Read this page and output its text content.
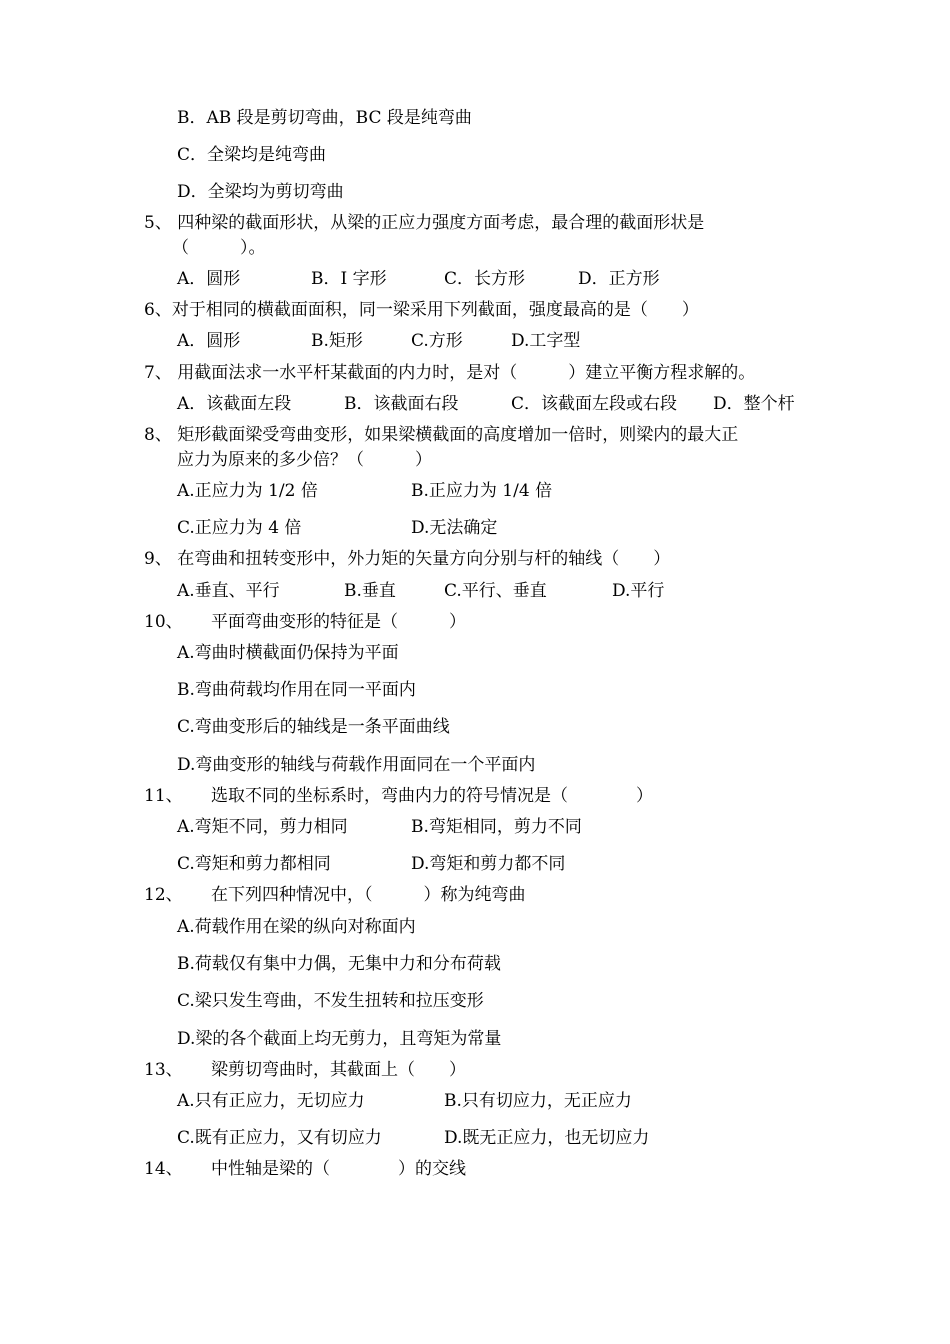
B．AB 段是剪切弯曲，BC 段是纯弯曲
C．全梁均是纯弯曲
D．全梁均为剪切弯曲
5、 四种梁的截面形状，从梁的正应力强度方面考虑，最合理的截面形状是
（　　　）。
A．圆形	B．I 字形	C．长方形	D．正方形
6、对于相同的横截面面积，同一梁采用下列截面，强度最高的是（　　）
A．圆形	B.矩形	C.方形	D.工字型
7、 用截面法求一水平杆某截面的内力时，是对（　　　）建立平衡方程求解的。
A．该截面左段	B．该截面右段	C．该截面左段或右段 D．整个杆
8、 矩形截面梁受弯曲变形，如果梁横截面的高度增加一倍时，则梁内的最大正
应力为原来的多少倍？（　　　）
A.正应力为 1/2 倍	B.正应力为 1/4 倍
C.正应力为 4 倍	D.无法确定
9、 在弯曲和扭转变形中，外力矩的矢量方向分别与杆的轴线（　　）
A.垂直、平行	B.垂直	C.平行、垂直	D.平行
10、 平面弯曲变形的特征是（　　　）
A.弯曲时横截面仍保持为平面
B.弯曲荷载均作用在同一平面内
C.弯曲变形后的轴线是一条平面曲线
D.弯曲变形的轴线与荷载作用面同在一个平面内
11、 选取不同的坐标系时，弯曲内力的符号情况是（　　　　）
A.弯矩不同，剪力相同	B.弯矩相同，剪力不同
C.弯矩和剪力都相同	D.弯矩和剪力都不同
12、 在下列四种情况中，（　　　）称为纯弯曲
A.荷载作用在梁的纵向对称面内
B.荷载仅有集中力偶，无集中力和分布荷载
C.梁只发生弯曲，不发生扭转和拉压变形
D.梁的各个截面上均无剪力，且弯矩为常量
13、 梁剪切弯曲时，其截面上（　　）
A.只有正应力，无切应力	B.只有切应力，无正应力
C.既有正应力，又有切应力	D.既无正应力，也无切应力
14、 中性轴是梁的（　　　　）的交线
